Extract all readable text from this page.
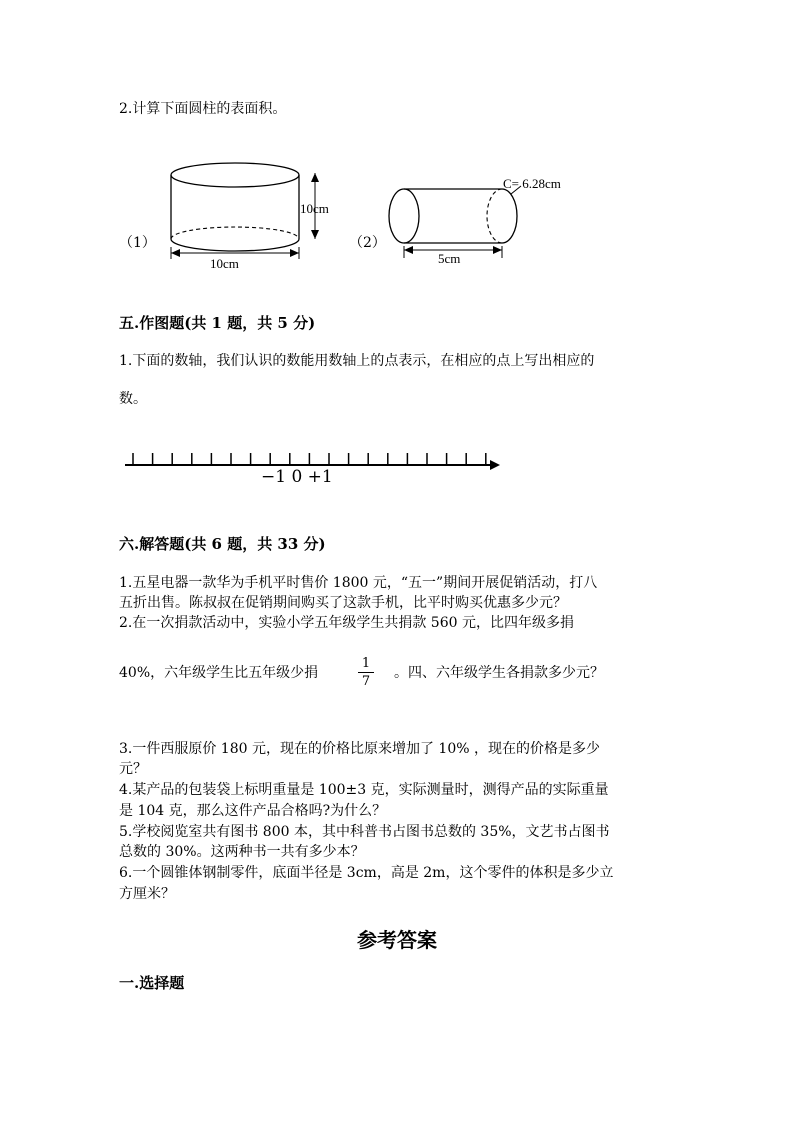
2.计算下面圆柱的表面积。
（1）
10cm
10cm
（2）
C= 6.28cm
5cm
五.作图题(共 1 题，共 5 分)
1.下面的数轴，我们认识的数能用数轴上的点表示，在相应的点上写出相应的
数。
−1 0 +1
六.解答题(共 6 题，共 33 分)
1.五星电器一款华为手机平时售价 1800 元，“五一”期间开展促销活动，打八
五折出售。陈叔叔在促销期间购买了这款手机，比平时购买优惠多少元？
2.在一次捐款活动中，实验小学五年级学生共捐款 560 元，比四年级多捐
40%，六年级学生比五年级少捐
1
7
。四、六年级学生各捐款多少元？
3.一件西服原价 180 元，现在的价格比原来增加了 10% ，现在的价格是多少
元？
4.某产品的包装袋上标明重量是 100±3 克，实际测量时，测得产品的实际重量
是 104 克，那么这件产品合格吗?为什么？
5.学校阅览室共有图书 800 本，其中科普书占图书总数的 35%，文艺书占图书
总数的 30%。这两种书一共有多少本？
6.一个圆锥体钢制零件，底面半径是 3cm，高是 2m，这个零件的体积是多少立
方厘米？
参考答案
一.选择题
